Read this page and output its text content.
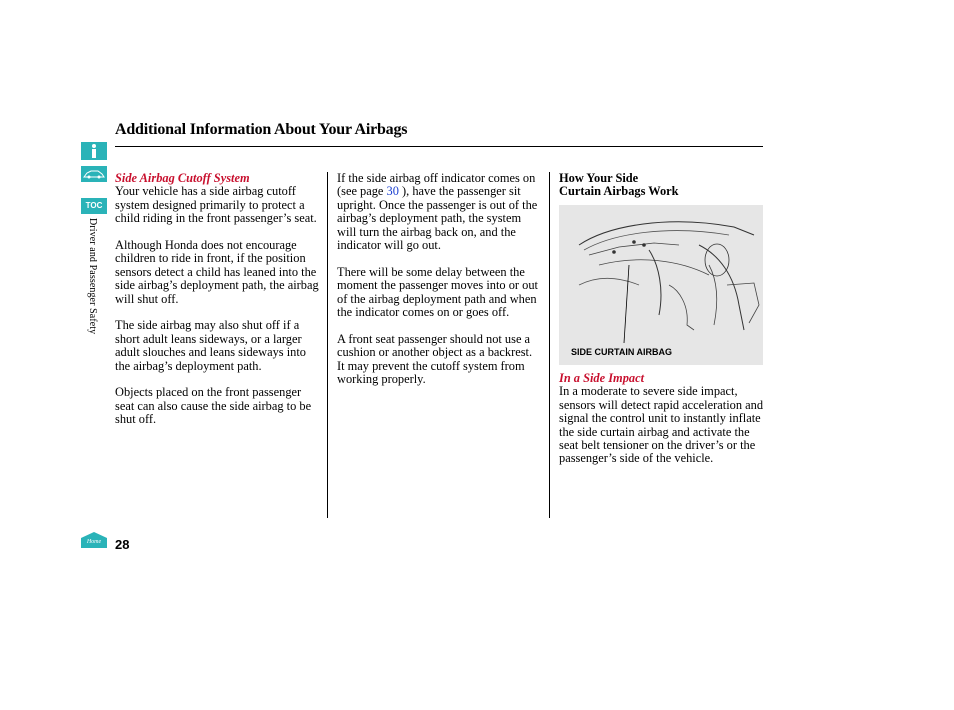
TOC
Driver and Passenger Safety
Home
Additional Information About Your Airbags
Side Airbag Cutoff System

Your vehicle has a side airbag cutoff system designed primarily to protect a child riding in the front passenger’s seat.

Although Honda does not encourage children to ride in front, if the position sensors detect a child has leaned into the side airbag’s deployment path, the airbag will shut off.

The side airbag may also shut off if a short adult leans sideways, or a larger adult slouches and leans sideways into the airbag’s deployment path.

Objects placed on the front passenger seat can also cause the side airbag to be shut off.

If the side airbag off indicator comes on (see page 30 ), have the passenger sit upright. Once the passenger is out of the airbag’s deployment path, the system will turn the airbag back on, and the indicator will go out.

There will be some delay between the moment the passenger moves into or out of the airbag deployment path and when the indicator comes on or goes off.

A front seat passenger should not use a cushion or another object as a backrest. It may prevent the cutoff system from working properly.

How Your Side
Curtain Airbags Work
SIDE CURTAIN AIRBAG
In a Side Impact

In a moderate to severe side impact, sensors will detect rapid acceleration and signal the control unit to instantly inflate the side curtain airbag and activate the seat belt tensioner on the driver’s or the passenger’s side of the vehicle.

28
